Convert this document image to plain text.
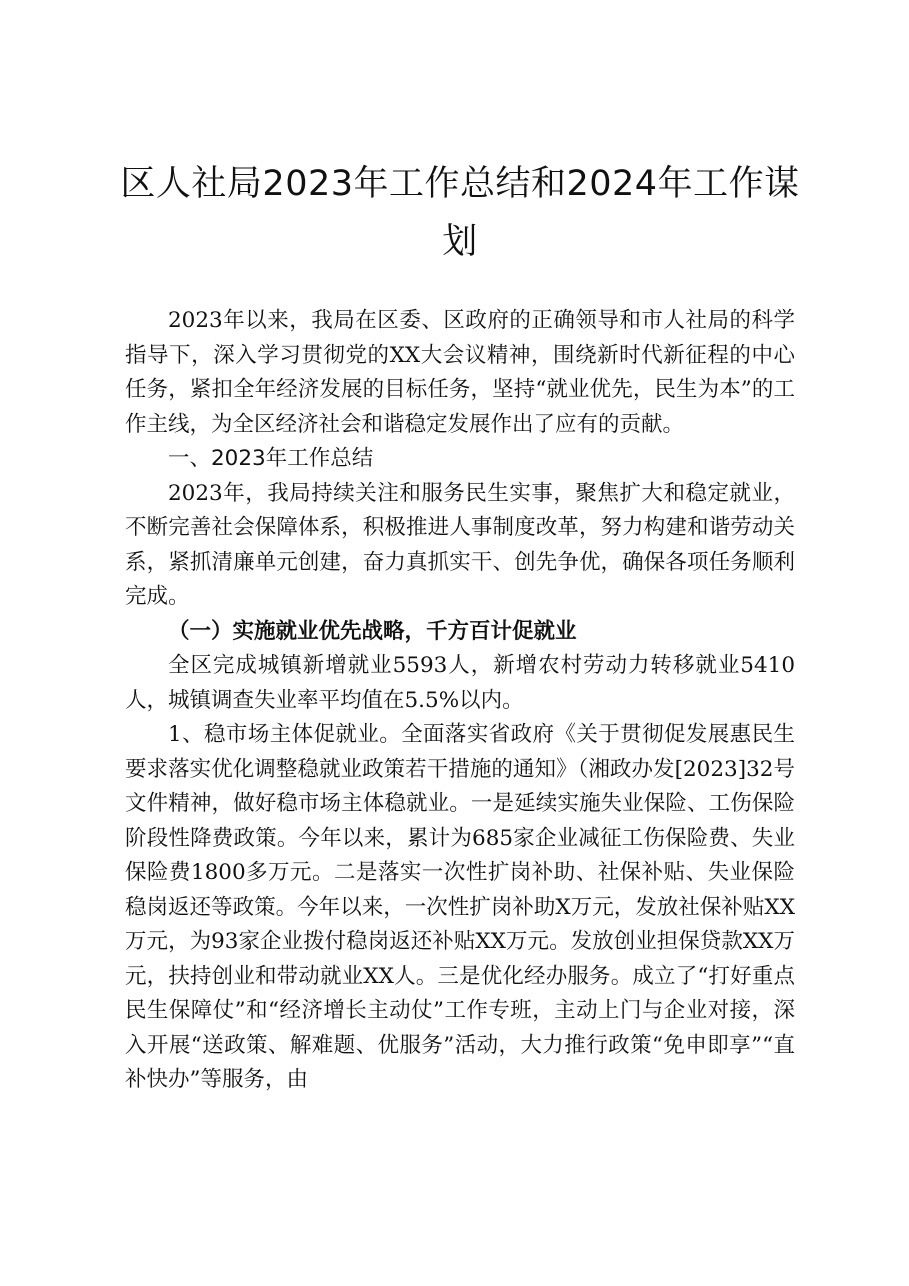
区人社局2023年工作总结和2024年工作谋划

2023年以来，我局在区委、区政府的正确领导和市人社局的科学指导下，深入学习贯彻党的XX大会议精神，围绕新时代新征程的中心任务，紧扣全年经济发展的目标任务，坚持“就业优先，民生为本”的工作主线，为全区经济社会和谐稳定发展作出了应有的贡献。

一、2023年工作总结

2023年，我局持续关注和服务民生实事，聚焦扩大和稳定就业，不断完善社会保障体系，积极推进人事制度改革，努力构建和谐劳动关系，紧抓清廉单元创建，奋力真抓实干、创先争优，确保各项任务顺利完成。

（一）实施就业优先战略，千方百计促就业

全区完成城镇新增就业5593人，新增农村劳动力转移就业5410人，城镇调查失业率平均值在5.5%以内。

1、稳市场主体促就业。全面落实省政府《关于贯彻促发展惠民生要求落实优化调整稳就业政策若干措施的通知》（湘政办发[2023]32号文件精神，做好稳市场主体稳就业。一是延续实施失业保险、工伤保险阶段性降费政策。今年以来，累计为685家企业减征工伤保险费、失业保险费1800多万元。二是落实一次性扩岗补助、社保补贴、失业保险稳岗返还等政策。今年以来，一次性扩岗补助X万元，发放社保补贴XX万元，为93家企业拨付稳岗返还补贴XX万元。发放创业担保贷款XX万元，扶持创业和带动就业XX人。三是优化经办服务。成立了“打好重点民生保障仗”和“经济增长主动仗”工作专班，主动上门与企业对接，深入开展“送政策、解难题、优服务”活动，大力推行政策“免申即享”“直补快办”等服务，由
